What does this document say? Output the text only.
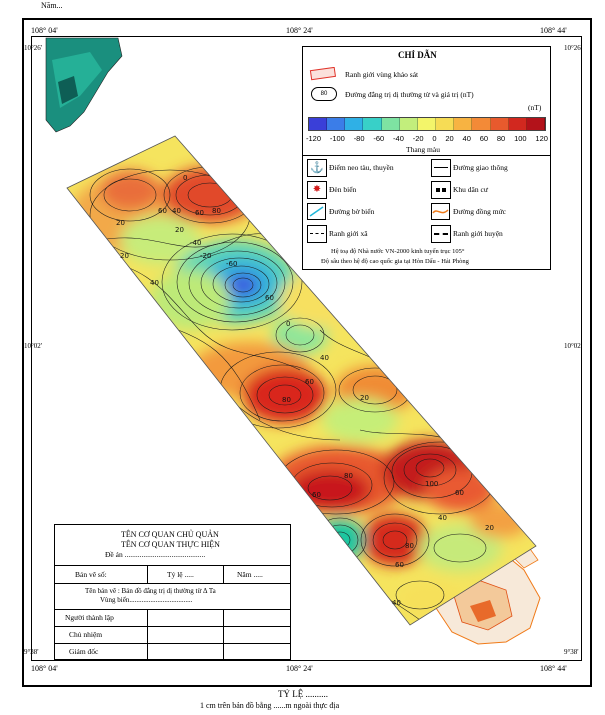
Năm...
108° 04'	108° 24'	108° 44'
108° 04'	108° 24'	108° 44'
10°26'
10°02'
9°38'
10°26'
10°02'
9°38'
60 40 60 80
20
0
20
-40
-60
-20
40
20
0
80
60
40
20
60
80
100
60
80
60
40
20
40
60
CHỈ DẪN
Ranh giới vùng khảo sát
80	Đường đẳng trị dị thường từ và giá trị (nT)
(nT)
-120 -100 -80 -60 -40 -20 0 20 40 60 80 100 120
Thang màu
⚓ Điểm neo tàu, thuyền	Đường giao thông
✸	Đèn biển	Khu dân cư
Đường bờ biển	Đường đồng mức
Ranh giới xã	Ranh giới huyện
Hệ toạ độ Nhà nước VN-2000 kinh tuyến trục 105°
Độ sâu theo hệ độ cao quốc gia tại Hòn Dấu - Hải Phòng
TÊN CƠ QUAN CHỦ QUẢN
TÊN CƠ QUAN THỰC HIỆN
Đề án ...........................................
Bản vẽ số:	Tỷ lệ .....	Năm .....
Tên bản vẽ : Bản đồ đẳng trị dị thường từ Δ Ta
Vùng biển....................................
Người thành lập
Chủ nhiệm
Giám đốc
TỶ LỆ ..........
1 cm trên bản đồ bằng ......m ngoài thực địa
